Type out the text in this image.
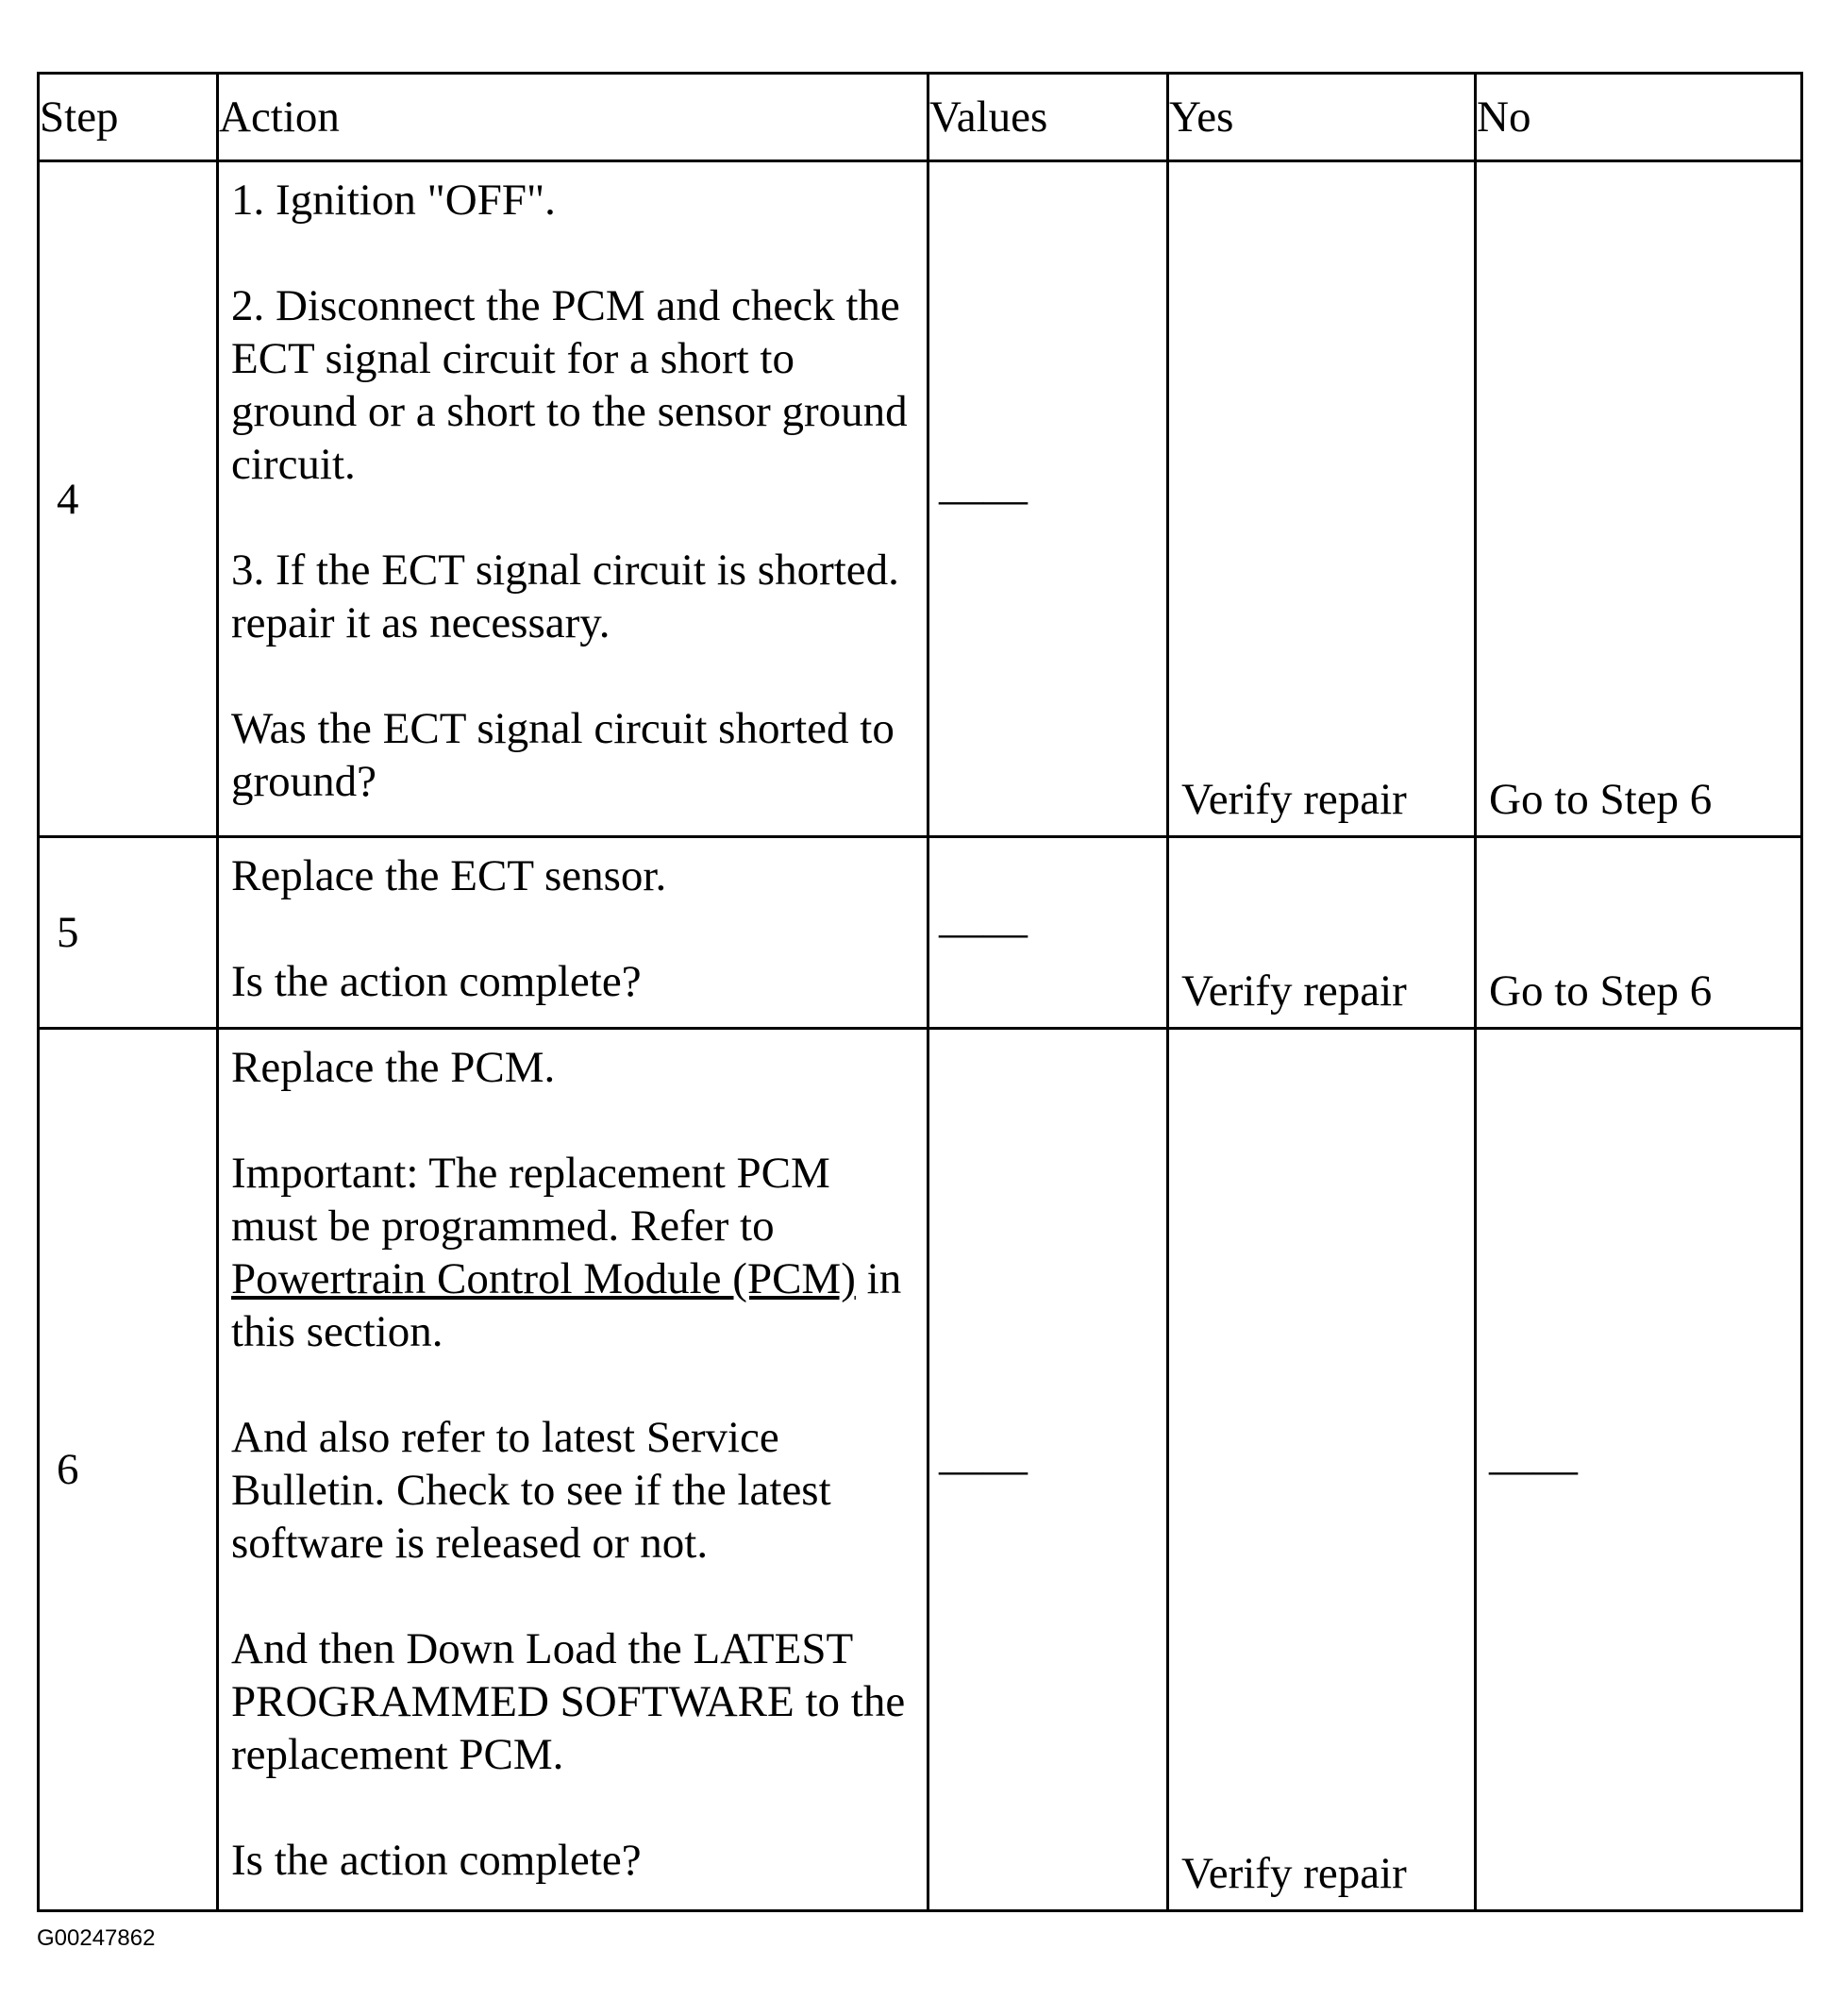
Step	Action	Values	Yes	No
4	1. Ignition "OFF".

2. Disconnect the PCM and check the ECT signal circuit for a short to ground or a short to the sensor ground circuit.

3. If the ECT signal circuit is shorted. repair it as necessary.

Was the ECT signal circuit shorted to ground?	——	Verify repair	Go to Step 6
5	Replace the ECT sensor.

Is the action complete?	——	Verify repair	Go to Step 6
6	Replace the PCM.

Important: The replacement PCM must be programmed. Refer to Powertrain Control Module (PCM) in this section.

And also refer to latest Service Bulletin. Check to see if the latest software is released or not.

And then Down Load the LATEST PROGRAMMED SOFTWARE to the replacement PCM.

Is the action complete?	——	Verify repair	——
G00247862
